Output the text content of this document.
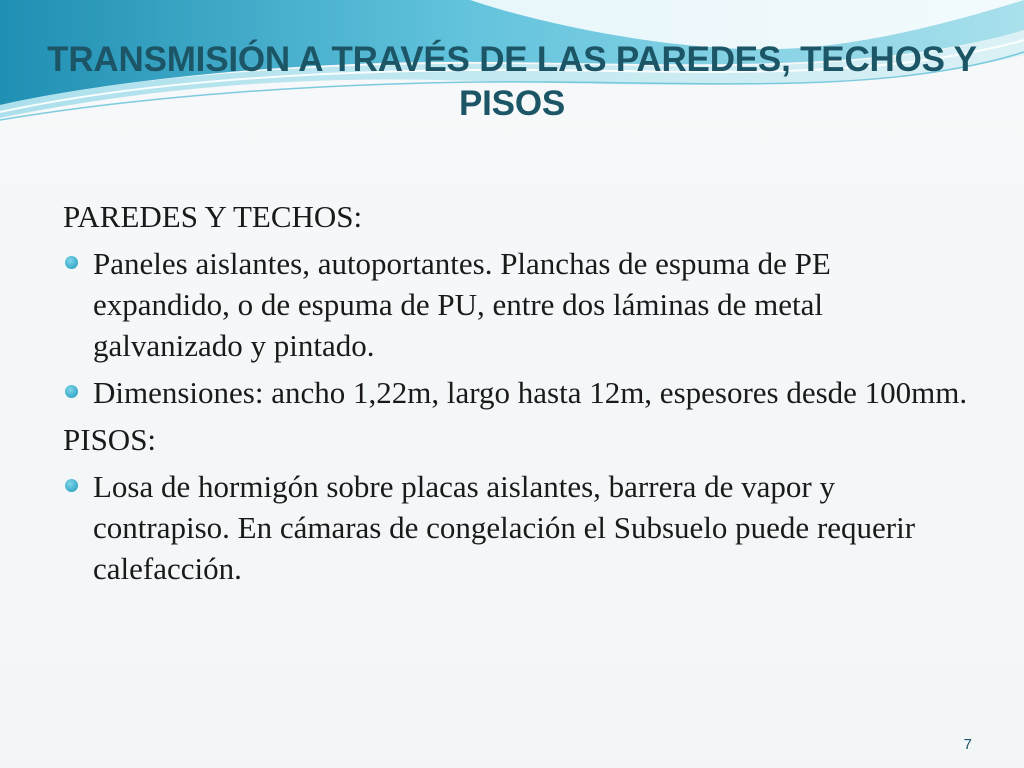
TRANSMISIÓN A TRAVÉS DE LAS PAREDES, TECHOS Y PISOS

PAREDES Y TECHOS:

Paneles aislantes, autoportantes. Planchas de espuma de PE expandido, o de espuma de PU, entre dos láminas de metal galvanizado y pintado.
Dimensiones: ancho 1,22m, largo hasta 12m, espesores desde 100mm.

PISOS:

Losa de hormigón sobre placas aislantes, barrera de vapor y contrapiso. En cámaras de congelación el Subsuelo puede requerir calefacción.
7
